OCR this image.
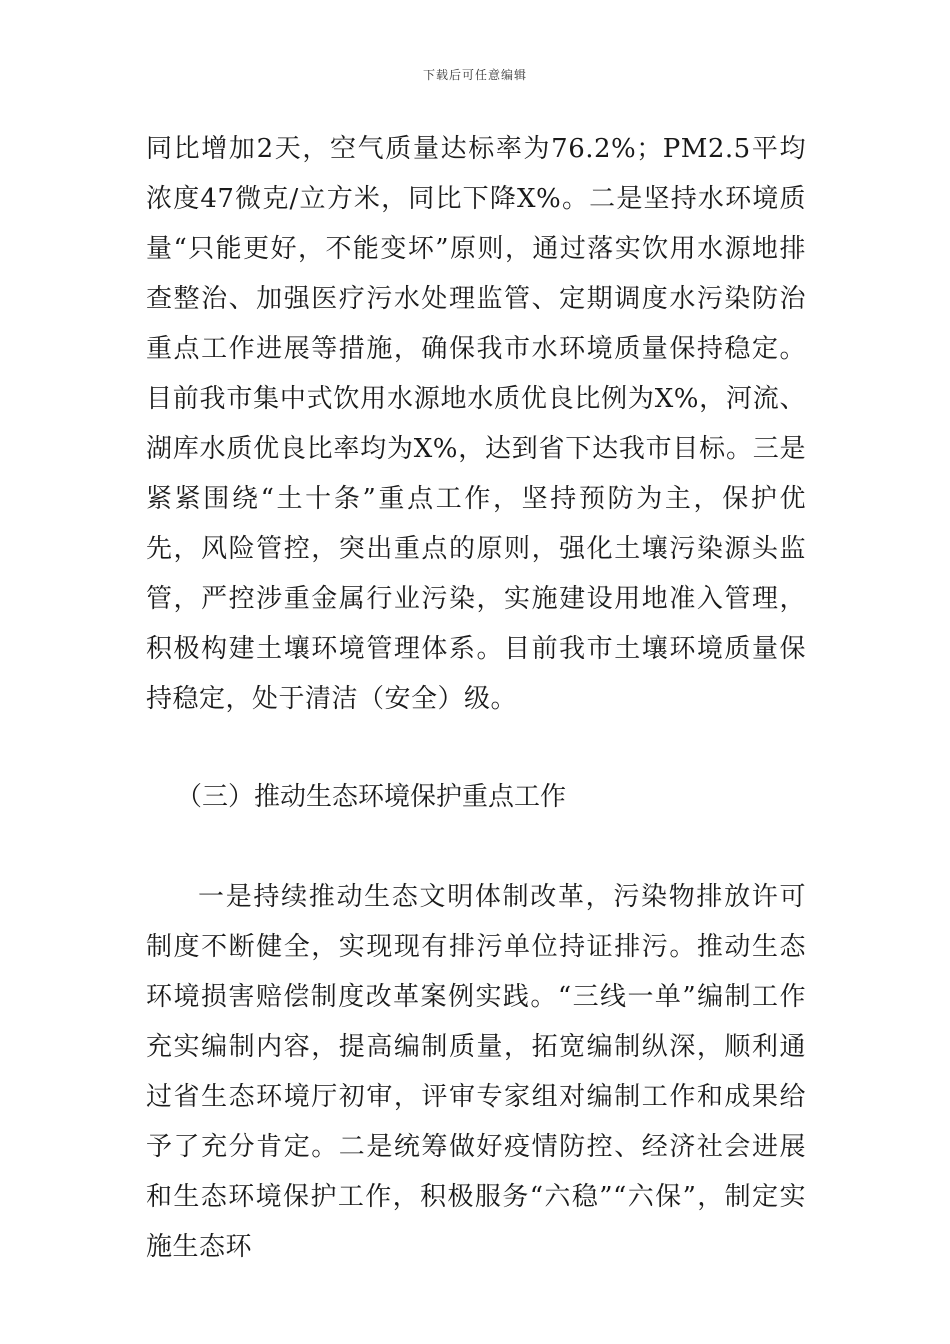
下载后可任意编辑

同比增加2天，空气质量达标率为76.2%；PM2.5平均浓度47微克/立方米，同比下降X%。二是坚持水环境质量“只能更好，不能变坏”原则，通过落实饮用水源地排查整治、加强医疗污水处理监管、定期调度水污染防治重点工作进展等措施，确保我市水环境质量保持稳定。目前我市集中式饮用水源地水质优良比例为X%，河流、湖库水质优良比率均为X%，达到省下达我市目标。三是紧紧围绕“土十条”重点工作，坚持预防为主，保护优先，风险管控，突出重点的原则，强化土壤污染源头监管，严控涉重金属行业污染，实施建设用地准入管理，积极构建土壤环境管理体系。目前我市土壤环境质量保持稳定，处于清洁（安全）级。

（三）推动生态环境保护重点工作

一是持续推动生态文明体制改革，污染物排放许可制度不断健全，实现现有排污单位持证排污。推动生态环境损害赔偿制度改革案例实践。“三线一单”编制工作充实编制内容，提高编制质量，拓宽编制纵深，顺利通过省生态环境厅初审，评审专家组对编制工作和成果给予了充分肯定。二是统筹做好疫情防控、经济社会进展和生态环境保护工作，积极服务“六稳”“六保”，制定实施生态环
